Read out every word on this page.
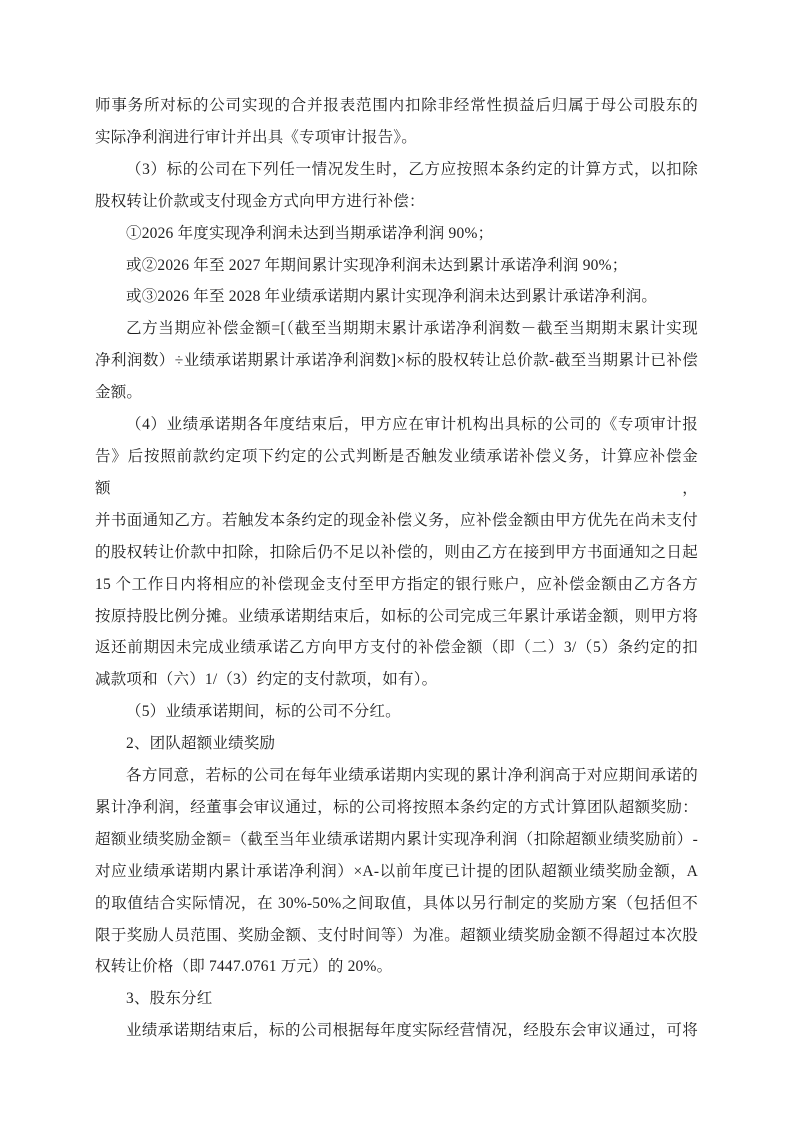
师事务所对标的公司实现的合并报表范围内扣除非经常性损益后归属于母公司股东的
实际净利润进行审计并出具《专项审计报告》。
（3）标的公司在下列任一情况发生时，乙方应按照本条约定的计算方式，以扣除
股权转让价款或支付现金方式向甲方进行补偿：
①2026 年度实现净利润未达到当期承诺净利润 90%；
或②2026 年至 2027 年期间累计实现净利润未达到累计承诺净利润 90%；
或③2026 年至 2028 年业绩承诺期内累计实现净利润未达到累计承诺净利润。
乙方当期应补偿金额=[（截至当期期末累计承诺净利润数－截至当期期末累计实现
净利润数）÷业绩承诺期累计承诺净利润数]×标的股权转让总价款-截至当期累计已补偿
金额。
（4）业绩承诺期各年度结束后，甲方应在审计机构出具标的公司的《专项审计报
告》后按照前款约定项下约定的公式判断是否触发业绩承诺补偿义务，计算应补偿金额，
并书面通知乙方。若触发本条约定的现金补偿义务，应补偿金额由甲方优先在尚未支付
的股权转让价款中扣除，扣除后仍不足以补偿的，则由乙方在接到甲方书面通知之日起
15 个工作日内将相应的补偿现金支付至甲方指定的银行账户，应补偿金额由乙方各方
按原持股比例分摊。业绩承诺期结束后，如标的公司完成三年累计承诺金额，则甲方将
返还前期因未完成业绩承诺乙方向甲方支付的补偿金额（即（二）3/（5）条约定的扣
减款项和（六）1/（3）约定的支付款项，如有）。
（5）业绩承诺期间，标的公司不分红。
2、团队超额业绩奖励
各方同意，若标的公司在每年业绩承诺期内实现的累计净利润高于对应期间承诺的
累计净利润，经董事会审议通过，标的公司将按照本条约定的方式计算团队超额奖励：
超额业绩奖励金额=（截至当年业绩承诺期内累计实现净利润（扣除超额业绩奖励前）-
对应业绩承诺期内累计承诺净利润）×A-以前年度已计提的团队超额业绩奖励金额，A
的取值结合实际情况，在 30%-50%之间取值，具体以另行制定的奖励方案（包括但不
限于奖励人员范围、奖励金额、支付时间等）为准。超额业绩奖励金额不得超过本次股
权转让价格（即 7447.0761 万元）的 20%。
3、股东分红
业绩承诺期结束后，标的公司根据每年度实际经营情况，经股东会审议通过，可将
